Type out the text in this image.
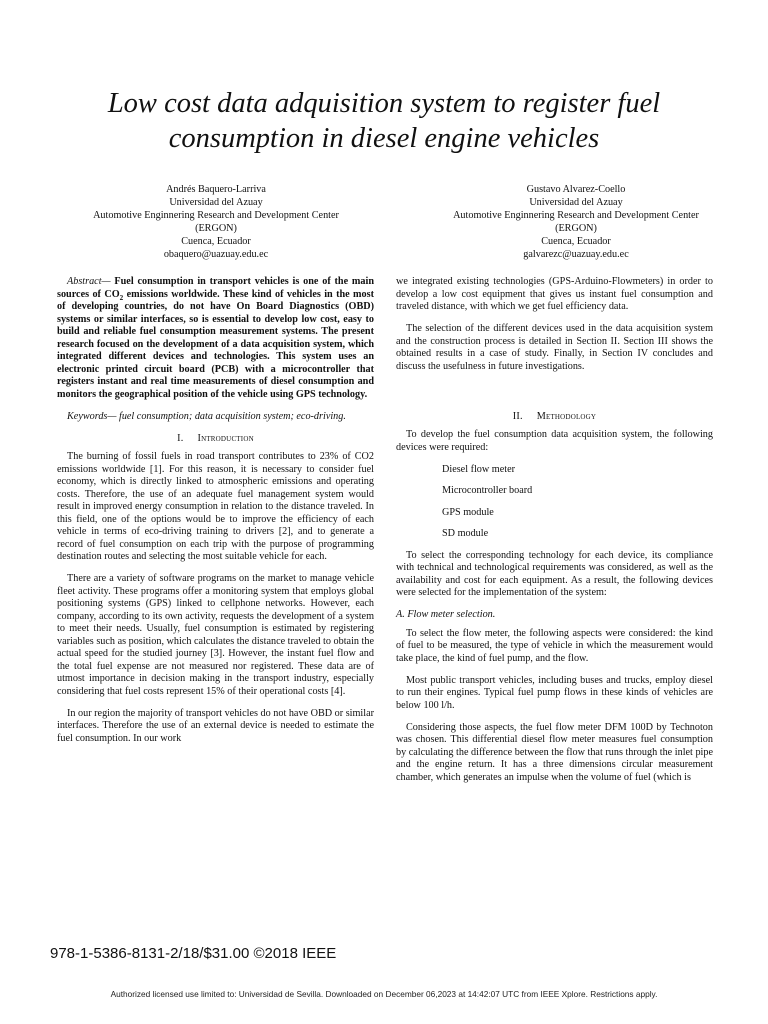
Low cost data adquisition system to register fuel consumption in diesel engine vehicles
Andrés Baquero-Larriva
Universidad del Azuay
Automotive Enginnering Research and Development Center
(ERGON)
Cuenca, Ecuador
obaquero@uazuay.edu.ec
Gustavo Alvarez-Coello
Universidad del Azuay
Automotive Enginnering Research and Development Center
(ERGON)
Cuenca, Ecuador
galvarezc@uazuay.edu.ec

Abstract— Fuel consumption in transport vehicles is one of the main sources of $CO_2$ emissions worldwide. These kind of vehicles in the most of developing countries, do not have On Board Diagnostics (OBD) systems or similar interfaces, so is essential to develop low cost, easy to build and reliable fuel consumption measurement systems. The present research focused on the development of a data acquisition system, which integrated different devices and technologies. This system uses an electronic printed circuit board (PCB) with a microcontroller that registers instant and real time measurements of diesel consumption and monitors the geographical position of the vehicle using GPS technology.

Keywords— fuel consumption; data acquisition system; eco-driving.

I. Introduction

The burning of fossil fuels in road transport contributes to 23% of CO2 emissions worldwide [1]. For this reason, it is necessary to consider fuel economy, which is directly linked to atmospheric emissions and operating costs. Therefore, the use of an adequate fuel management system would result in improved energy consumption in relation to the distance traveled. In this field, one of the options would be to improve the efficiency of each vehicle in terms of eco-driving training to drivers [2], and to generate a record of fuel consumption on each trip with the purpose of programming destination routes and selecting the most suitable vehicle for each.

There are a variety of software programs on the market to manage vehicle fleet activity. These programs offer a monitoring system that employs global positioning systems (GPS) linked to cellphone networks. However, each company, according to its own activity, requests the development of a system to meet their needs. Usually, fuel consumption is estimated by registering variables such as position, which calculates the distance traveled to obtain the actual speed for the studied journey [3]. However, the instant fuel flow and the total fuel expense are not measured nor registered. These data are of utmost importance in decision making in the transport industry, especially considering that fuel costs represent 15% of their operational costs [4].

In our region the majority of transport vehicles do not have OBD or similar interfaces. Therefore the use of an external device is needed to estimate the fuel consumption. In our work

we integrated existing technologies (GPS-Arduino-Flowmeters) in order to develop a low cost equipment that gives us instant fuel consumption and traveled distance, with which we get fuel efficiency data.

The selection of the different devices used in the data acquisition system and the construction process is detailed in Section II. Section III shows the obtained results in a case of study. Finally, in Section IV concludes and discuss the usefulness in future investigations.

II. Methodology

To develop the fuel consumption data acquisition system, the following devices were required:

Diesel flow meter
Microcontroller board
GPS module
SD module

To select the corresponding technology for each device, its compliance with technical and technological requirements was considered, as well as the availability and cost for each equipment. As a result, the following devices were selected for the implementation of the system:

A. Flow meter selection.

To select the flow meter, the following aspects were considered: the kind of fuel to be measured, the type of vehicle in which the measurement would take place, the kind of fuel pump, and the flow.

Most public transport vehicles, including buses and trucks, employ diesel to run their engines. Typical fuel pump flows in these kinds of vehicles are below 100 l/h.

Considering those aspects, the fuel flow meter DFM 100D by Technoton was chosen. This differential diesel flow meter measures fuel consumption by calculating the difference between the flow that runs through the inlet pipe and the engine return. It has a three dimensions circular measurement chamber, which generates an impulse when the volume of fuel (which is

978-1-5386-8131-2/18/$31.00 ©2018 IEEE
Authorized licensed use limited to: Universidad de Sevilla. Downloaded on December 06,2023 at 14:42:07 UTC from IEEE Xplore. Restrictions apply.
